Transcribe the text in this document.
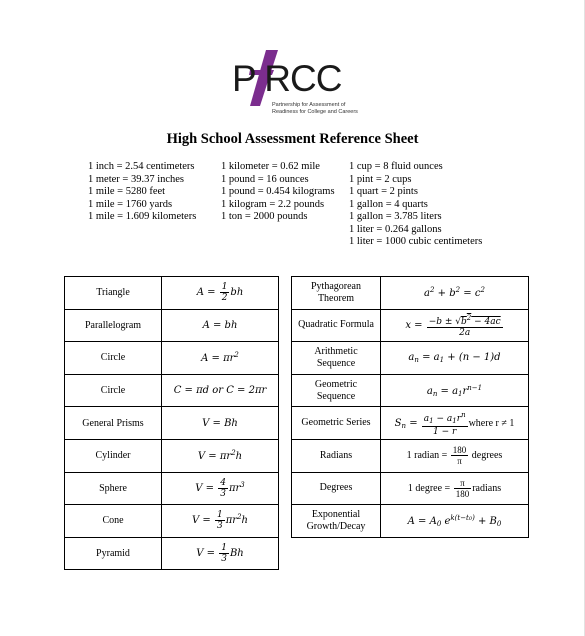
P RCC
Partnership for Assessment of
Readiness for College and Careers
High School Assessment Reference Sheet
1 inch = 2.54 centimeters
1 meter = 39.37 inches
1 mile = 5280 feet
1 mile = 1760 yards
1 mile = 1.609 kilometers
1 kilometer = 0.62 mile
1 pound = 16 ounces
1 pound = 0.454 kilograms
1 kilogram = 2.2 pounds
1 ton = 2000 pounds
1 cup = 8 fluid ounces
1 pint = 2 cups
1 quart = 2 pints
1 gallon = 4 quarts
1 gallon = 3.785 liters
1 liter = 0.264 gallons
1 liter = 1000 cubic centimeters
Triangle	$A = \frac{1}{2}$ bh
Parallelogram	A = bh
Circle	$A = \pi r^2$
Circle	C = πd or C = 2πr
General Prisms	V = Bh
Cylinder	$V = \pi r^2h$
Sphere	$V = \frac{4}{3} \pi r^3$
Cone	$V = \frac{1}{3} \pi r^2h$
Pyramid	$V = \frac{1}{3}$ Bh
Pythagorean Theorem	$a^2 + b^2 = c^2$
Quadratic Formula	$x = \frac{-b \pm √b^2 - 4ac}{2a}$

Arithmetic Sequence	$a_n = a_1 + (n - 1)d$
Geometric Sequence	$a_n = a_1r^{n-1}$
Geometric Series	$S_n = \frac{a_1 - a_1r^n}{1 - r}$ where r ≠ 1
Radians	1 radian = $\frac{180}{\pi}$ degrees
Degrees	1 degree = $\frac{\pi}{180}$ radians
Exponential Growth/Decay	$A = A_0$ $e^{k(t-t0)} + B_0$
